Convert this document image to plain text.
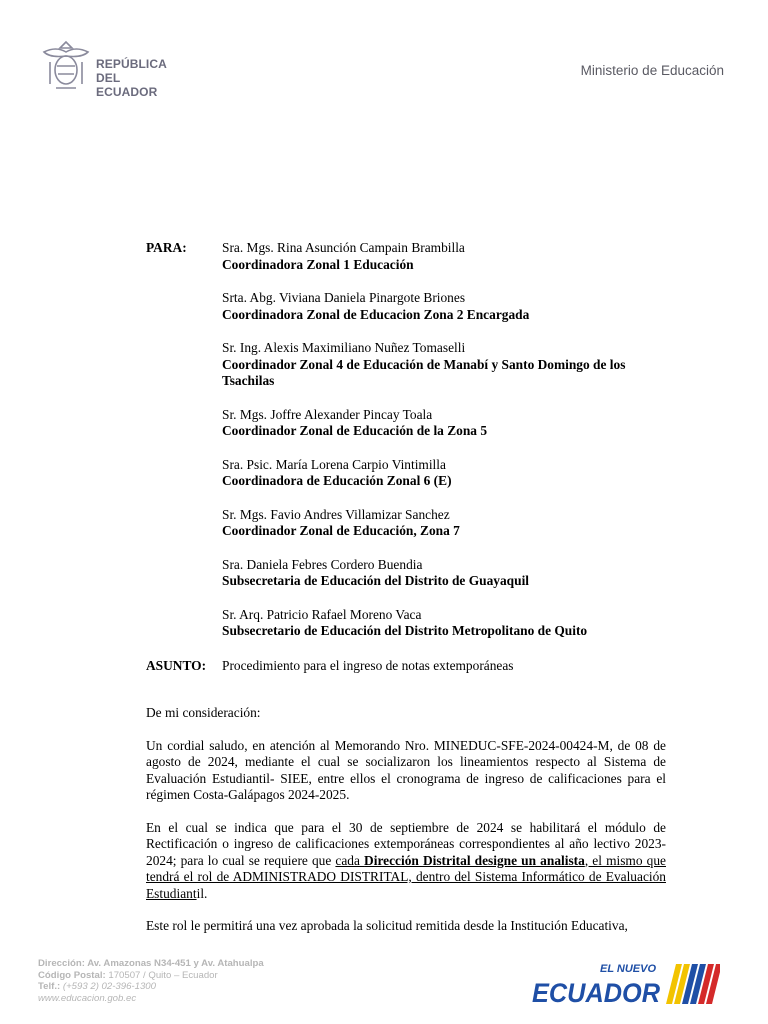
REPÚBLICA
DEL ECUADOR
Ministerio de Educación
PARA:	Sra. Mgs. Rina Asunción Campain Brambilla
Coordinadora Zonal 1 Educación
Srta. Abg. Viviana Daniela Pinargote Briones
Coordinadora Zonal de Educacion Zona 2 Encargada
Sr. Ing. Alexis Maximiliano Nuñez Tomaselli
Coordinador Zonal 4 de Educación de Manabí y Santo Domingo de los Tsachilas
Sr. Mgs. Joffre Alexander Pincay Toala
Coordinador Zonal de Educación de la Zona 5
Sra. Psic. María Lorena Carpio Vintimilla
Coordinadora de Educación Zonal 6 (E)
Sr. Mgs. Favio Andres Villamizar Sanchez
Coordinador Zonal de Educación, Zona 7
Sra. Daniela Febres Cordero Buendia
Subsecretaria de Educación del Distrito de Guayaquil
Sr. Arq. Patricio Rafael Moreno Vaca
Subsecretario de Educación del Distrito Metropolitano de Quito
ASUNTO:	Procedimiento para el ingreso de notas extemporáneas
De mi consideración:
Un cordial saludo, en atención al Memorando Nro. MINEDUC-SFE-2024-00424-M, de 08 de agosto de 2024, mediante el cual se socializaron los lineamientos respecto al Sistema de Evaluación Estudiantil- SIEE, entre ellos el cronograma de ingreso de calificaciones para el régimen Costa-Galápagos 2024-2025.
En el cual se indica que para el 30 de septiembre de 2024 se habilitará el módulo de Rectificación o ingreso de calificaciones extemporáneas correspondientes al año lectivo 2023-2024; para lo cual se requiere que cada Dirección Distrital designe un analista, el mismo que tendrá el rol de ADMINISTRADO DISTRITAL, dentro del Sistema Informático de Evaluación Estudiantil.
Este rol le permitirá una vez aprobada la solicitud remitida desde la Institución Educativa,
Dirección: Av. Amazonas N34-451 y Av. Atahualpa
Código Postal: 170507 / Quito – Ecuador
Telf.: (+593 2) 02-396-1300
www.educacion.gob.ec
EL NUEVO
ECUADOR
